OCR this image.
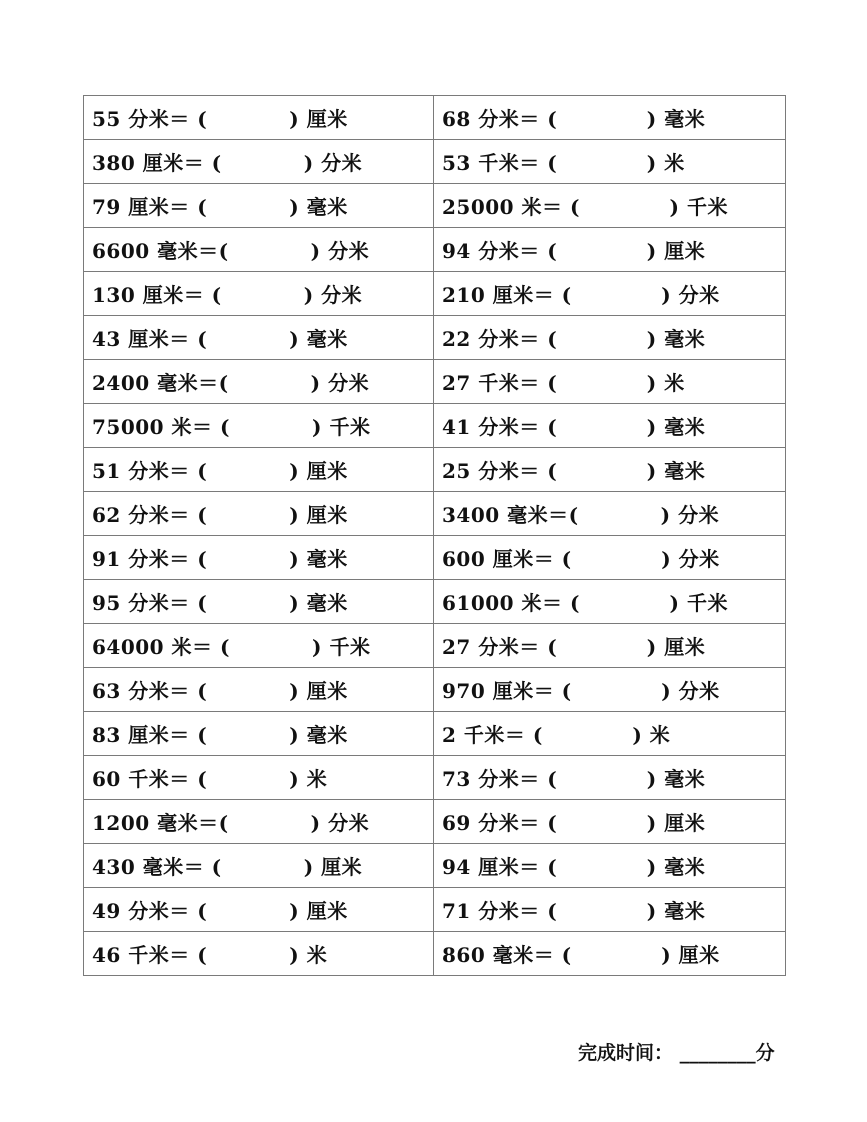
55 分米＝ (           ) 厘米	68 分米＝ (            ) 毫米
380 厘米＝ (           ) 分米	53 千米＝ (            ) 米
79 厘米＝ (           ) 毫米	25000 米＝ (            ) 千米
6600 毫米＝(           ) 分米	94 分米＝ (            ) 厘米
130 厘米＝ (           ) 分米	210 厘米＝ (            ) 分米
43 厘米＝ (           ) 毫米	22 分米＝ (            ) 毫米
2400 毫米＝(           ) 分米	27 千米＝ (            ) 米
75000 米＝ (           ) 千米	41 分米＝ (            ) 毫米
51 分米＝ (           ) 厘米	25 分米＝ (            ) 毫米
62 分米＝ (           ) 厘米	3400 毫米＝(           ) 分米
91 分米＝ (           ) 毫米	600 厘米＝ (            ) 分米
95 分米＝ (           ) 毫米	61000 米＝ (            ) 千米
64000 米＝ (           ) 千米	27 分米＝ (            ) 厘米
63 分米＝ (           ) 厘米	970 厘米＝ (            ) 分米
83 厘米＝ (           ) 毫米	2 千米＝ (            ) 米
60 千米＝ (           ) 米	73 分米＝ (            ) 毫米
1200 毫米＝(           ) 分米	69 分米＝ (            ) 厘米
430 毫米＝ (           ) 厘米	94 厘米＝ (            ) 毫米
49 分米＝ (           ) 厘米	71 分米＝ (            ) 毫米
46 千米＝ (           ) 米	860 毫米＝ (            ) 厘米
完成时间： ________分
